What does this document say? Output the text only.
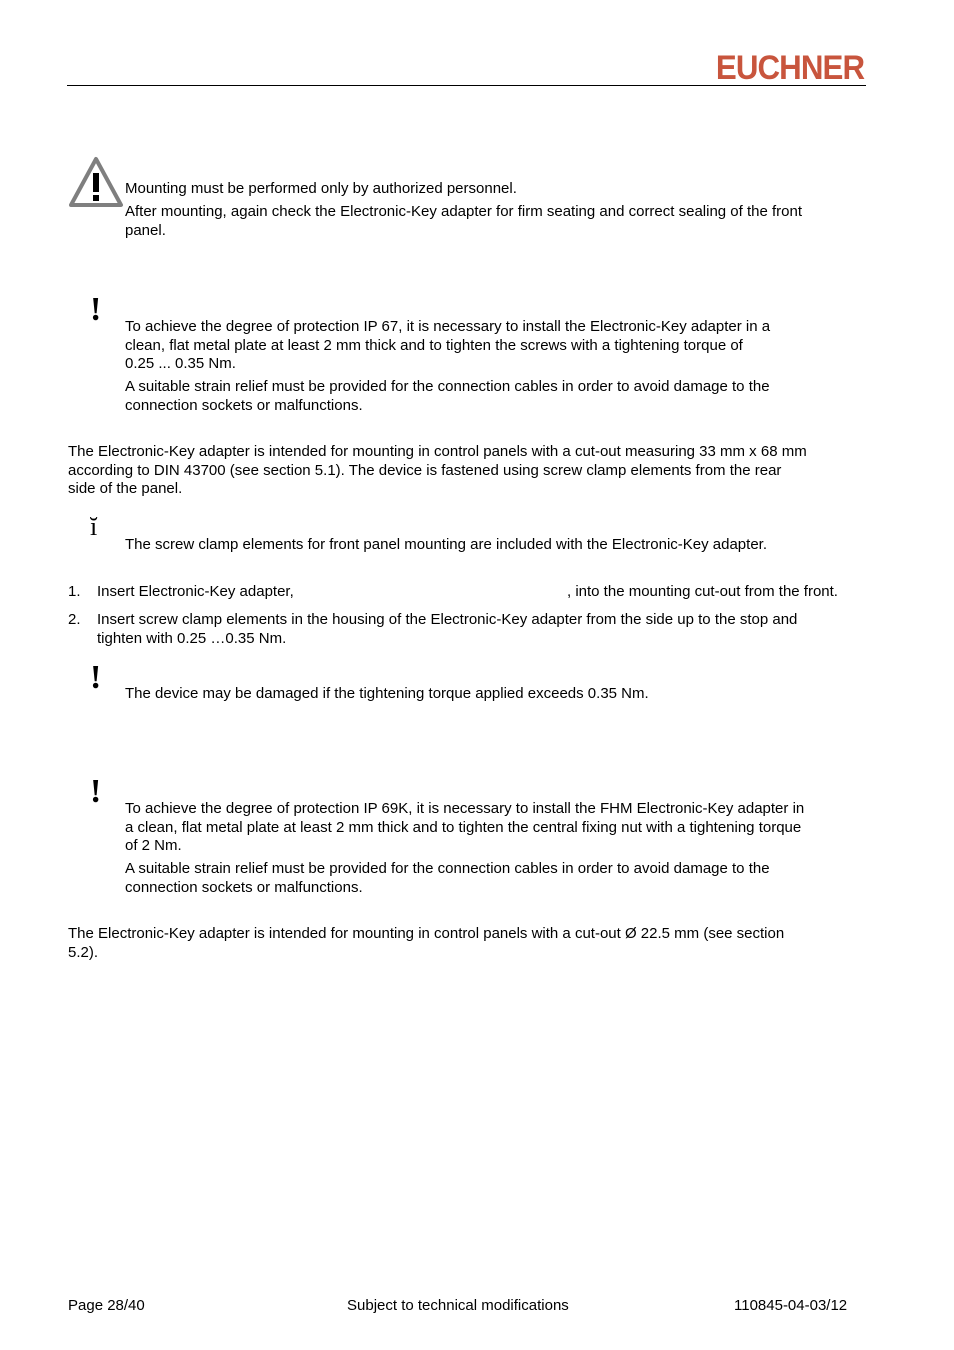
EUCHNER
Mounting must be performed only by authorized personnel.
After mounting, again check the Electronic-Key adapter for firm seating and correct sealing of the front
panel.
! To achieve the degree of protection IP 67, it is necessary to install the Electronic-Key adapter in a
clean, flat metal plate at least 2 mm thick and to tighten the screws with a tightening torque of
0.25 ... 0.35 Nm.
A suitable strain relief must be provided for the connection cables in order to avoid damage to the
connection sockets or malfunctions.
The Electronic-Key adapter is intended for mounting in control panels with a cut-out measuring 33 mm x 68 mm
according to DIN 43700 (see section 5.1). The device is fastened using screw clamp elements from the rear
side of the panel.
ĭ
The screw clamp elements for front panel mounting are included with the Electronic-Key adapter.
1. Insert Electronic-Key adapter,	, into the mounting cut-out from the front.
2. Insert screw clamp elements in the housing of the Electronic-Key adapter from the side up to the stop and
tighten with 0.25 …0.35 Nm.
! The device may be damaged if the tightening torque applied exceeds 0.35 Nm.
! To achieve the degree of protection IP 69K, it is necessary to install the FHM Electronic-Key adapter in
a clean, flat metal plate at least 2 mm thick and to tighten the central fixing nut with a tightening torque
of 2 Nm.
A suitable strain relief must be provided for the connection cables in order to avoid damage to the
connection sockets or malfunctions.
The Electronic-Key adapter is intended for mounting in control panels with a cut-out Ø 22.5 mm (see section
5.2).
Page 28/40	Subject to technical modifications	110845-04-03/12
